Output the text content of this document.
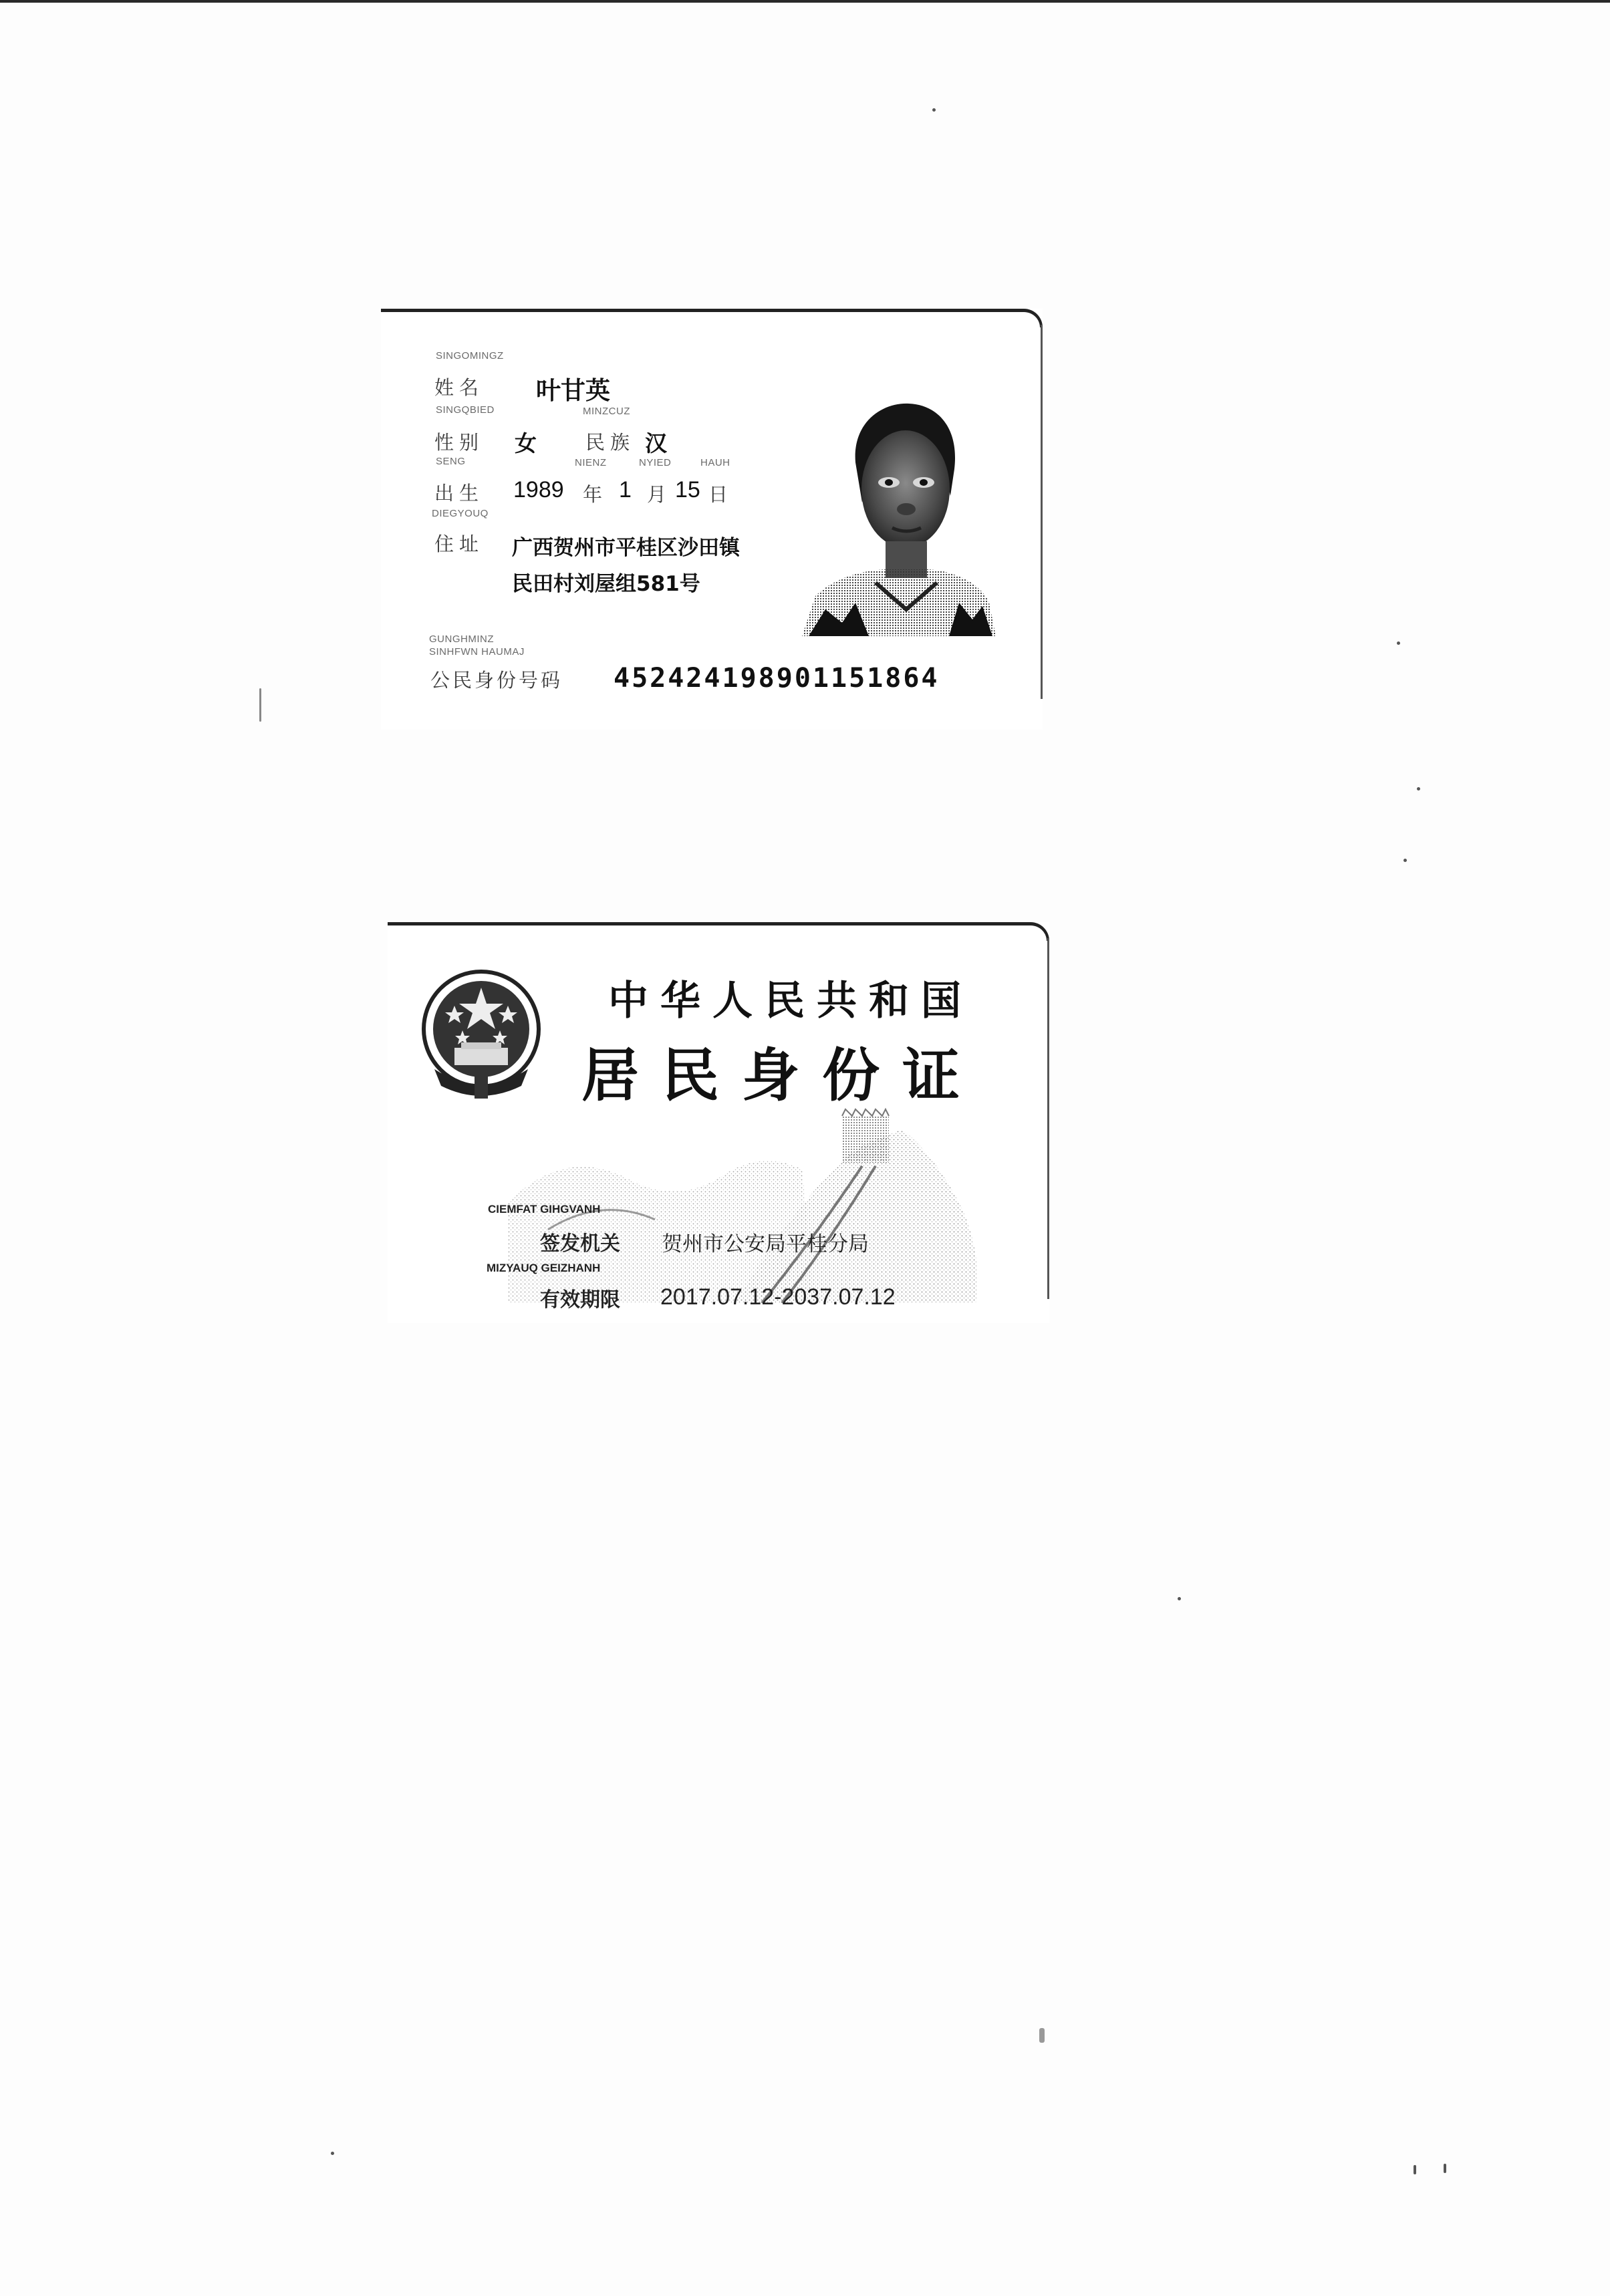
SINGOMINGZ
姓名 叶甘英
SINGQBIED	MINZCUZ
性别 女	民族 汉
SENG	NIENZ	NYIED	HAUH
出生 1989 年 1 月 15 日
DIEGYOUQ
住址 广西贺州市平桂区沙田镇
民田村刘屋组581号
GUNGHMINZ
SINHFWN HAUMAJ
公民身份号码 452424198901151864
中华人民共和国
居民身份证
CIEMFAT GIHGVANH
签发机关 贺州市公安局平桂分局
MIZYAUQ GEIZHANH
有效期限 2017.07.12-2037.07.12
